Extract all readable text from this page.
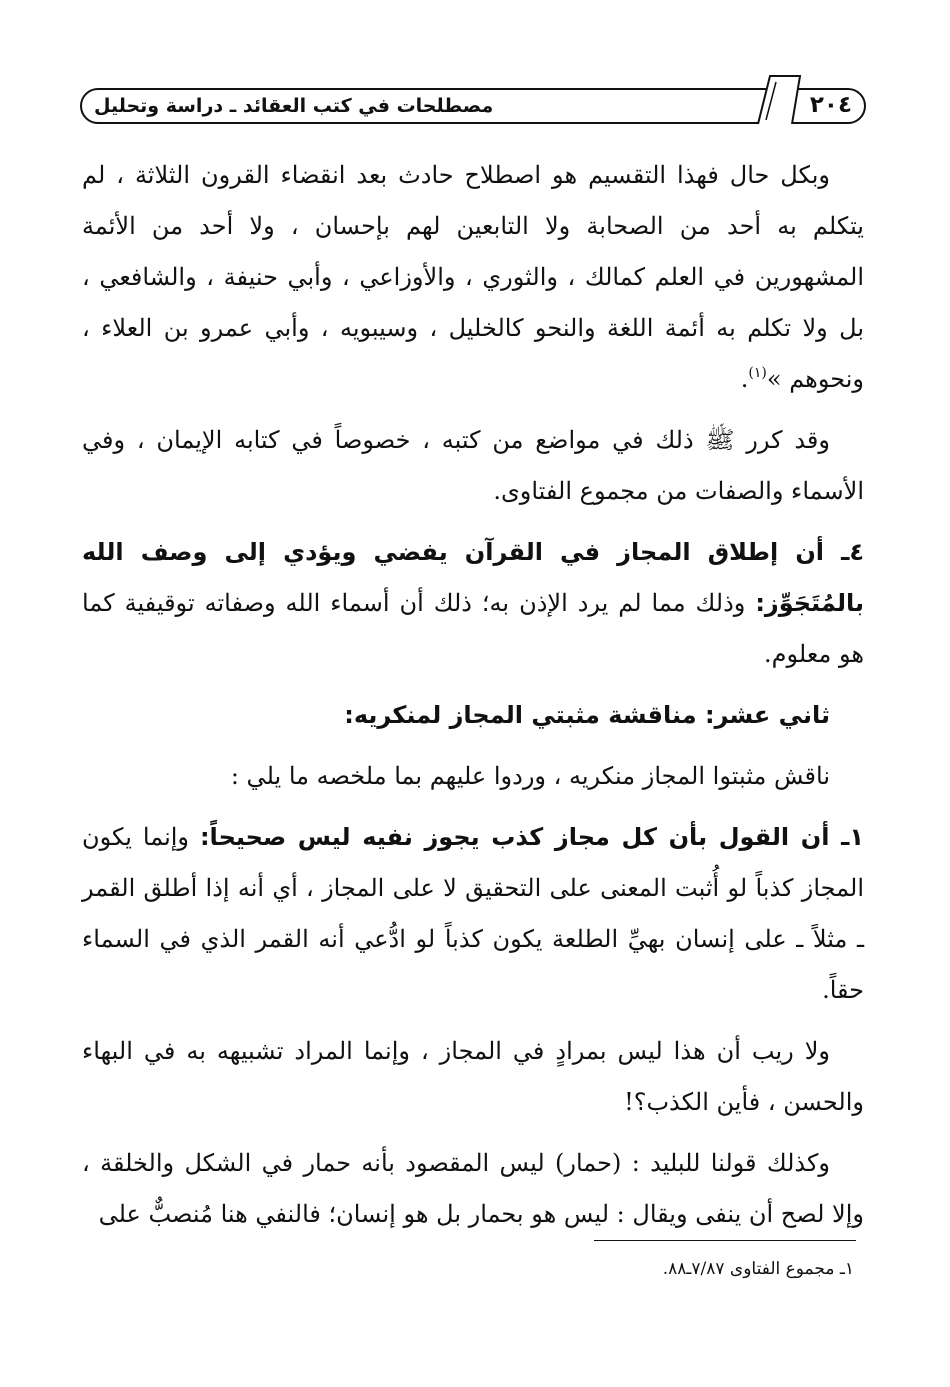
مصطلحات في كتب العقائد ـ دراسة وتحليل	٢٠٤

وبكل حال فهذا التقسيم هو اصطلاح حادث بعد انقضاء القرون الثلاثة ، لم يتكلم به أحد من الصحابة ولا التابعين لهم بإحسان ، ولا أحد من الأئمة المشهورين في العلم كمالك ، والثوري ، والأوزاعي ، وأبي حنيفة ، والشافعي ، بل ولا تكلم به أئمة اللغة والنحو كالخليل ، وسيبويه ، وأبي عمرو بن العلاء ، ونحوهم »$^{(١)}$.

وقد كرر ﷺ ذلك في مواضع من كتبه ، خصوصاً في كتابه الإيمان ، وفي الأسماء والصفات من مجموع الفتاوى.

٤ـ أن إطلاق المجاز في القرآن يفضي ويؤدي إلى وصف الله بالمُتَجَوِّز: وذلك مما لم يرد الإذن به؛ ذلك أن أسماء الله وصفاته توقيفية كما هو معلوم.

ثاني عشر: مناقشة مثبتي المجاز لمنكريه:

ناقش مثبتوا المجاز منكريه ، وردوا عليهم بما ملخصه ما يلي :

١ـ أن القول بأن كل مجاز كذب يجوز نفيه ليس صحيحاً: وإنما يكون المجاز كذباً لو أُثبت المعنى على التحقيق لا على المجاز ، أي أنه إذا أطلق القمر ـ مثلاً ـ على إنسان بهيِّ الطلعة يكون كذباً لو ادُّعي أنه القمر الذي في السماء حقاً.

ولا ريب أن هذا ليس بمرادٍ في المجاز ، وإنما المراد تشبيهه به في البهاء والحسن ، فأين الكذب؟!

وكذلك قولنا للبليد : (حمار) ليس المقصود بأنه حمار في الشكل والخلقة ، وإلا لصح أن ينفى ويقال : ليس هو بحمار بل هو إنسان؛ فالنفي هنا مُنصبٌّ على

١ـ مجموع الفتاوى ٧/٨٧ـ٨٨.
